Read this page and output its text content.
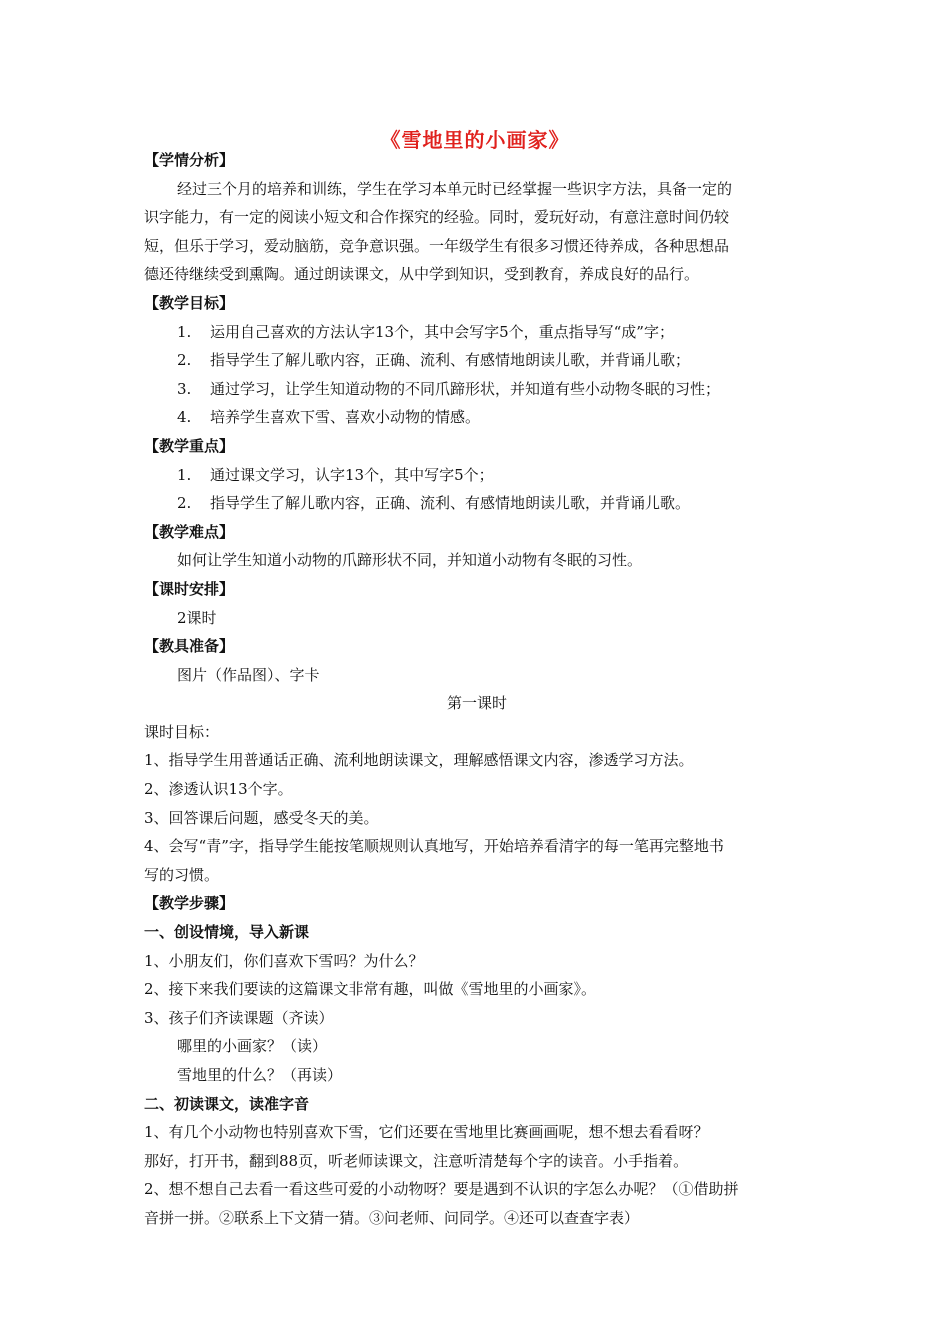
《雪地里的小画家》
【学情分析】
经过三个月的培养和训练，学生在学习本单元时已经掌握一些识字方法，具备一定的
识字能力，有一定的阅读小短文和合作探究的经验。同时，爱玩好动，有意注意时间仍较
短，但乐于学习，爱动脑筋，竞争意识强。一年级学生有很多习惯还待养成，各种思想品
德还待继续受到熏陶。通过朗读课文，从中学到知识，受到教育，养成良好的品行。
【教学目标】
1. 运用自己喜欢的方法认字13个，其中会写字5个，重点指导写“成”字；
2. 指导学生了解儿歌内容，正确、流利、有感情地朗读儿歌，并背诵儿歌；
3. 通过学习，让学生知道动物的不同爪蹄形状，并知道有些小动物冬眠的习性；
4. 培养学生喜欢下雪、喜欢小动物的情感。
【教学重点】
1. 通过课文学习，认字13个，其中写字5个；
2. 指导学生了解儿歌内容，正确、流利、有感情地朗读儿歌，并背诵儿歌。
【教学难点】
如何让学生知道小动物的爪蹄形状不同，并知道小动物有冬眠的习性。
【课时安排】
2课时
【教具准备】
图片（作品图）、字卡
第一课时
课时目标：
1、指导学生用普通话正确、流利地朗读课文，理解感悟课文内容，渗透学习方法。
2、渗透认识13个字。
3、回答课后问题，感受冬天的美。
4、会写“青”字，指导学生能按笔顺规则认真地写，开始培养看清字的每一笔再完整地书
写的习惯。
【教学步骤】
一、创设情境，导入新课
1、小朋友们，你们喜欢下雪吗？为什么？
2、接下来我们要读的这篇课文非常有趣，叫做《雪地里的小画家》。
3、孩子们齐读课题（齐读）
哪里的小画家？（读）
雪地里的什么？（再读）
二、初读课文，读准字音
1、有几个小动物也特别喜欢下雪，它们还要在雪地里比赛画画呢，想不想去看看呀？
那好，打开书，翻到88页，听老师读课文，注意听清楚每个字的读音。小手指着。
2、想不想自己去看一看这些可爱的小动物呀？要是遇到不认识的字怎么办呢？（①借助拼
音拼一拼。②联系上下文猜一猜。③问老师、问同学。④还可以查查字表）
